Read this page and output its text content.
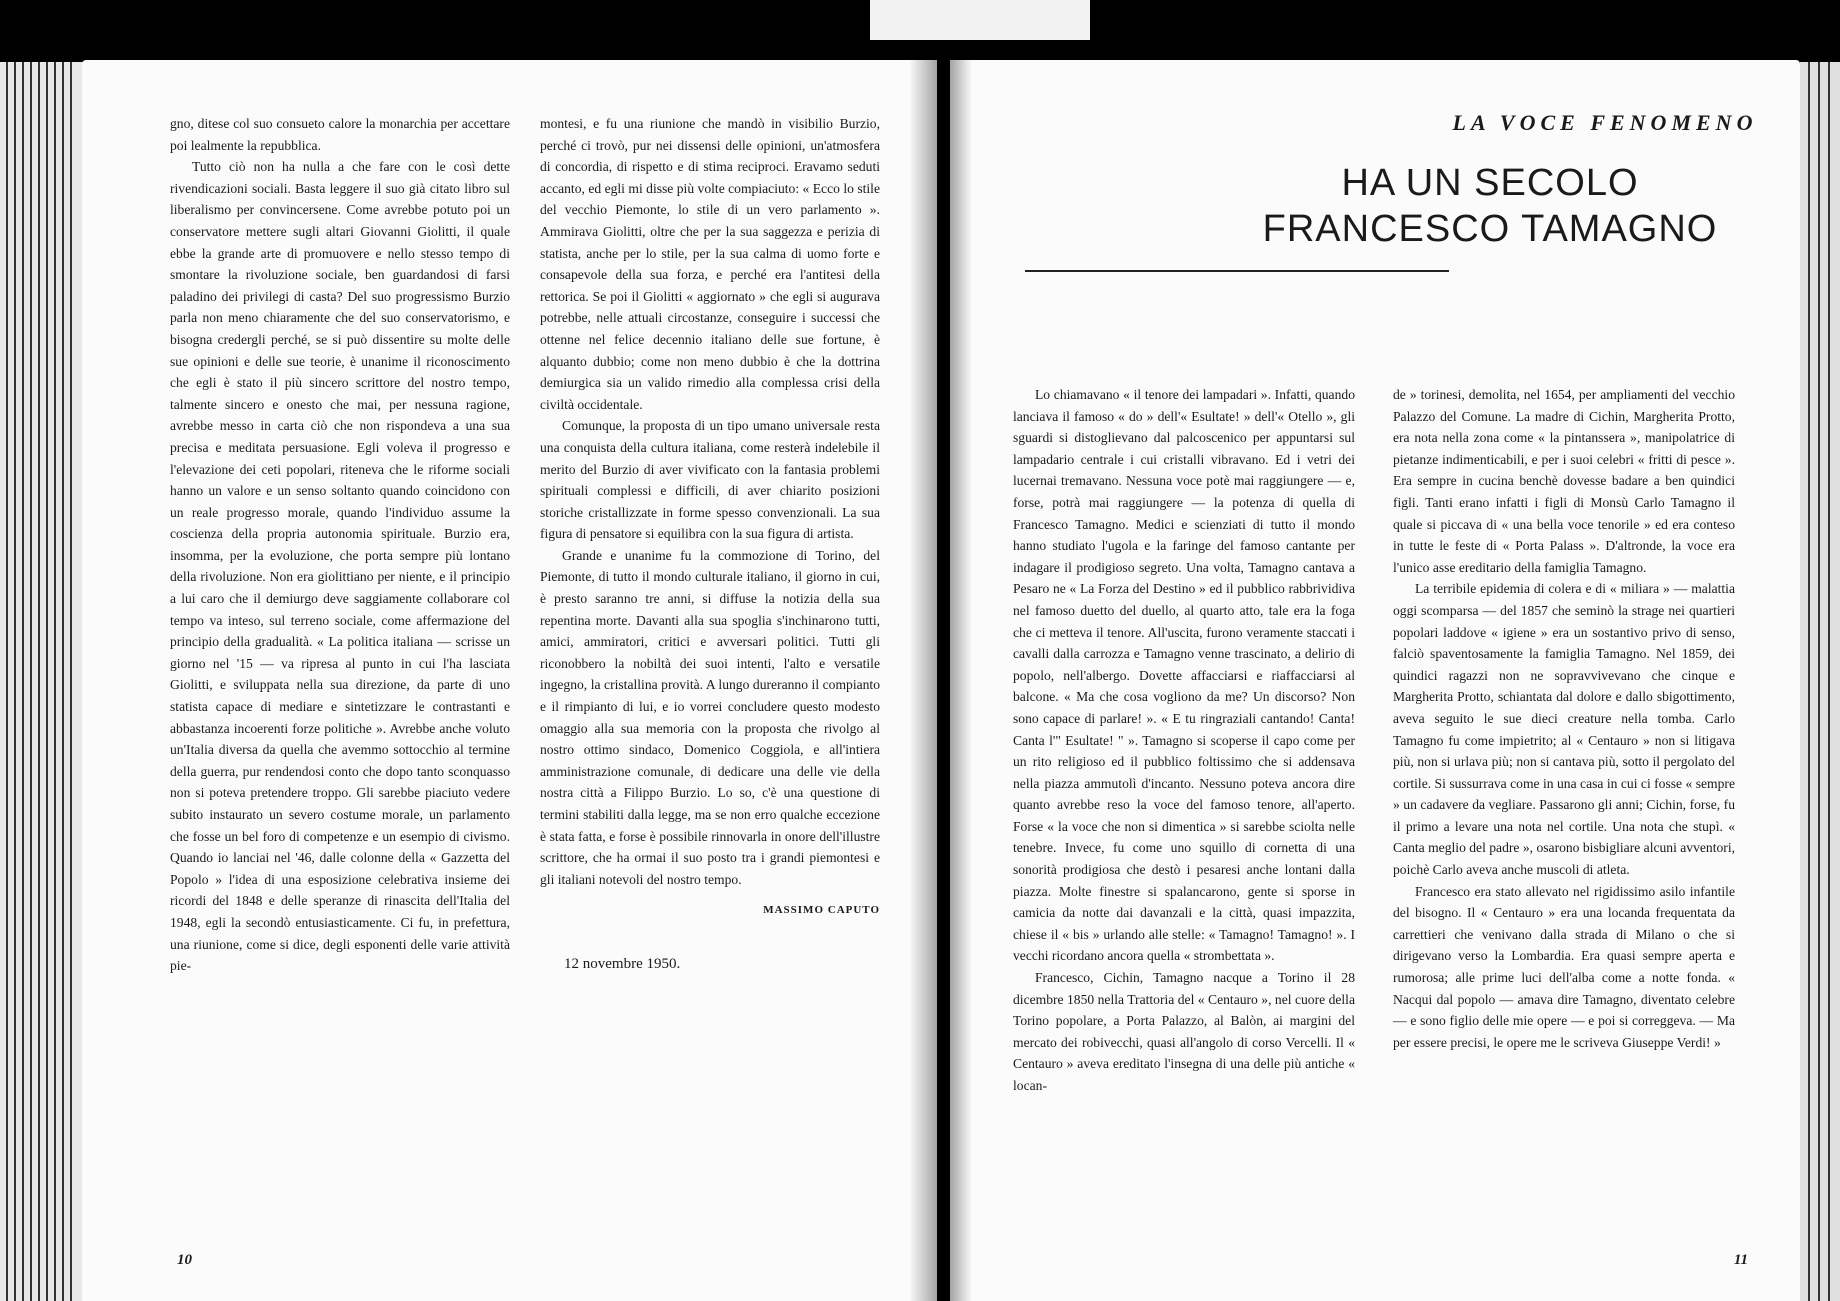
gno, ditese col suo consueto calore la monarchia per accettare poi lealmente la repubblica.

Tutto ciò non ha nulla a che fare con le così dette rivendicazioni sociali. Basta leggere il suo già citato libro sul liberalismo per convincersene. Come avrebbe potuto poi un conservatore mettere sugli altari Giovanni Giolitti, il quale ebbe la grande arte di promuovere e nello stesso tempo di smontare la rivoluzione sociale, ben guardandosi di farsi paladino dei privilegi di casta? Del suo progressismo Burzio parla non meno chiaramente che del suo conservatorismo, e bisogna credergli perché, se si può dissentire su molte delle sue opinioni e delle sue teorie, è unanime il riconoscimento che egli è stato il più sincero scrittore del nostro tempo, talmente sincero e onesto che mai, per nessuna ragione, avrebbe messo in carta ciò che non rispondeva a una sua precisa e meditata persuasione. Egli voleva il progresso e l'elevazione dei ceti popolari, riteneva che le riforme sociali hanno un valore e un senso soltanto quando coincidono con un reale progresso morale, quando l'individuo assume la coscienza della propria autonomia spirituale. Burzio era, insomma, per la evoluzione, che porta sempre più lontano della rivoluzione. Non era giolittiano per niente, e il principio a lui caro che il demiurgo deve saggiamente collaborare col tempo va inteso, sul terreno sociale, come affermazione del principio della gradualità. « La politica italiana — scrisse un giorno nel '15 — va ripresa al punto in cui l'ha lasciata Giolitti, e sviluppata nella sua direzione, da parte di uno statista capace di mediare e sintetizzare le contrastanti e abbastanza incoerenti forze politiche ». Avrebbe anche voluto un'Italia diversa da quella che avemmo sottocchio al termine della guerra, pur rendendosi conto che dopo tanto sconquasso non si poteva pretendere troppo. Gli sarebbe piaciuto vedere subito instaurato un severo costume morale, un parlamento che fosse un bel foro di competenze e un esempio di civismo. Quando io lanciai nel '46, dalle colonne della « Gazzetta del Popolo » l'idea di una esposizione celebrativa insieme dei ricordi del 1848 e delle speranze di rinascita dell'Italia del 1948, egli la secondò entusiasticamente. Ci fu, in prefettura, una riunione, come si dice, degli esponenti delle varie attività pie-

montesi, e fu una riunione che mandò in visibilio Burzio, perché ci trovò, pur nei dissensi delle opinioni, un'atmosfera di concordia, di rispetto e di stima reciproci. Eravamo seduti accanto, ed egli mi disse più volte compiaciuto: « Ecco lo stile del vecchio Piemonte, lo stile di un vero parlamento ». Ammirava Giolitti, oltre che per la sua saggezza e perizia di statista, anche per lo stile, per la sua calma di uomo forte e consapevole della sua forza, e perché era l'antitesi della rettorica. Se poi il Giolitti « aggiornato » che egli si augurava potrebbe, nelle attuali circostanze, conseguire i successi che ottenne nel felice decennio italiano delle sue fortune, è alquanto dubbio; come non meno dubbio è che la dottrina demiurgica sia un valido rimedio alla complessa crisi della civiltà occidentale.

Comunque, la proposta di un tipo umano universale resta una conquista della cultura italiana, come resterà indelebile il merito del Burzio di aver vivificato con la fantasia problemi spirituali complessi e difficili, di aver chiarito posizioni storiche cristallizzate in forme spesso convenzionali. La sua figura di pensatore si equilibra con la sua figura di artista.

Grande e unanime fu la commozione di Torino, del Piemonte, di tutto il mondo culturale italiano, il giorno in cui, è presto saranno tre anni, si diffuse la notizia della sua repentina morte. Davanti alla sua spoglia s'inchinarono tutti, amici, ammiratori, critici e avversari politici. Tutti gli riconobbero la nobiltà dei suoi intenti, l'alto e versatile ingegno, la cristallina provità. A lungo dureranno il compianto e il rimpianto di lui, e io vorrei concludere questo modesto omaggio alla sua memoria con la proposta che rivolgo al nostro ottimo sindaco, Domenico Coggiola, e all'intiera amministrazione comunale, di dedicare una delle vie della nostra città a Filippo Burzio. Lo so, c'è una questione di termini stabiliti dalla legge, ma se non erro qualche eccezione è stata fatta, e forse è possibile rinnovarla in onore dell'illustre scrittore, che ha ormai il suo posto tra i grandi piemontesi e gli italiani notevoli del nostro tempo.

MASSIMO CAPUTO
12 novembre 1950.
10
LA VOCE FENOMENO
HA UN SECOLO
FRANCESCO TAMAGNO

Lo chiamavano « il tenore dei lampadari ». Infatti, quando lanciava il famoso « do » dell'« Esultate! » dell'« Otello », gli sguardi si distoglievano dal palcoscenico per appuntarsi sul lampadario centrale i cui cristalli vibravano. Ed i vetri dei lucernai tremavano. Nessuna voce potè mai raggiungere — e, forse, potrà mai raggiungere — la potenza di quella di Francesco Tamagno. Medici e scienziati di tutto il mondo hanno studiato l'ugola e la faringe del famoso cantante per indagare il prodigioso segreto. Una volta, Tamagno cantava a Pesaro ne « La Forza del Destino » ed il pubblico rabbrividiva nel famoso duetto del duello, al quarto atto, tale era la foga che ci metteva il tenore. All'uscita, furono veramente staccati i cavalli dalla carrozza e Tamagno venne trascinato, a delirio di popolo, nell'albergo. Dovette affacciarsi e riaffacciarsi al balcone. « Ma che cosa vogliono da me? Un discorso? Non sono capace di parlare! ». « E tu ringraziali cantando! Canta! Canta l'" Esultate! " ». Tamagno si scoperse il capo come per un rito religioso ed il pubblico foltissimo che si addensava nella piazza ammutolì d'incanto. Nessuno poteva ancora dire quanto avrebbe reso la voce del famoso tenore, all'aperto. Forse « la voce che non si dimentica » si sarebbe sciolta nelle tenebre. Invece, fu come uno squillo di cornetta di una sonorità prodigiosa che destò i pesaresi anche lontani dalla piazza. Molte finestre si spalancarono, gente si sporse in camicia da notte dai davanzali e la città, quasi impazzita, chiese il « bis » urlando alle stelle: « Tamagno! Tamagno! ». I vecchi ricordano ancora quella « strombettata ».

Francesco, Cichin, Tamagno nacque a Torino il 28 dicembre 1850 nella Trattoria del « Centauro », nel cuore della Torino popolare, a Porta Palazzo, al Balòn, ai margini del mercato dei robivecchi, quasi all'angolo di corso Vercelli. Il « Centauro » aveva ereditato l'insegna di una delle più antiche « locan-

de » torinesi, demolita, nel 1654, per ampliamenti del vecchio Palazzo del Comune. La madre di Cichin, Margherita Protto, era nota nella zona come « la pintanssera », manipolatrice di pietanze indimenticabili, e per i suoi celebri « fritti di pesce ». Era sempre in cucina benchè dovesse badare a ben quindici figli. Tanti erano infatti i figli di Monsù Carlo Tamagno il quale si piccava di « una bella voce tenorile » ed era conteso in tutte le feste di « Porta Palass ». D'altronde, la voce era l'unico asse ereditario della famiglia Tamagno.

La terribile epidemia di colera e di « miliara » — malattia oggi scomparsa — del 1857 che seminò la strage nei quartieri popolari laddove « igiene » era un sostantivo privo di senso, falciò spaventosamente la famiglia Tamagno. Nel 1859, dei quindici ragazzi non ne sopravvivevano che cinque e Margherita Protto, schiantata dal dolore e dallo sbigottimento, aveva seguito le sue dieci creature nella tomba. Carlo Tamagno fu come impietrito; al « Centauro » non si litigava più, non si urlava più; non si cantava più, sotto il pergolato del cortile. Si sussurrava come in una casa in cui ci fosse « sempre » un cadavere da vegliare. Passarono gli anni; Cichin, forse, fu il primo a levare una nota nel cortile. Una nota che stupì. « Canta meglio del padre », osarono bisbigliare alcuni avventori, poichè Carlo aveva anche muscoli di atleta.

Francesco era stato allevato nel rigidissimo asilo infantile del bisogno. Il « Centauro » era una locanda frequentata da carrettieri che venivano dalla strada di Milano o che si dirigevano verso la Lombardia. Era quasi sempre aperta e rumorosa; alle prime luci dell'alba come a notte fonda. « Nacqui dal popolo — amava dire Tamagno, diventato celebre — e sono figlio delle mie opere — e poi si correggeva. — Ma per essere precisi, le opere me le scriveva Giuseppe Verdi! »

11
